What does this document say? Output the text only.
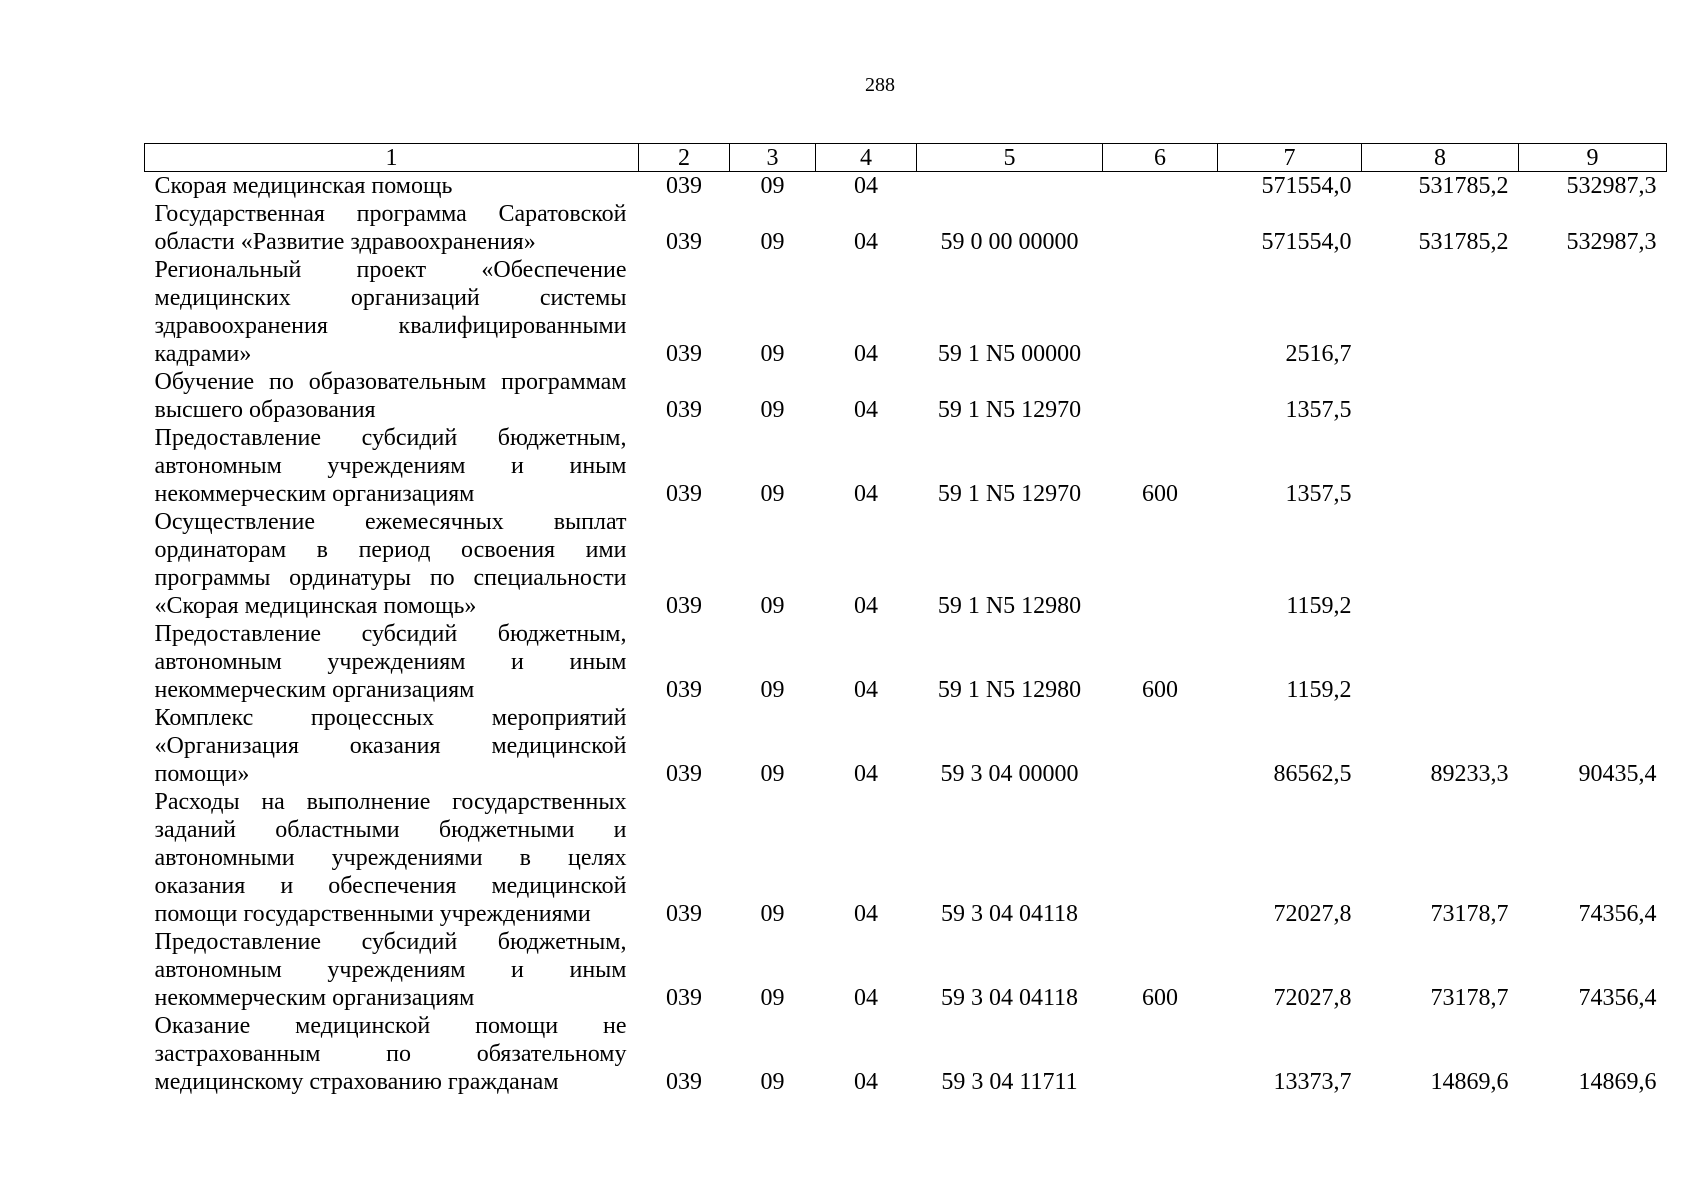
288
1	2	3	4	5	6	7	8	9
Скорая медицинская помощь	039	09	04			571554,0	531785,2	532987,3
Государственная программа Саратовской области «Развитие здравоохранения»	039	09	04	59 0 00 00000		571554,0	531785,2	532987,3
Региональный проект «Обеспечение медицинских организаций системы здравоохранения квалифицированными кадрами»	039	09	04	59 1 N5 00000		2516,7		
Обучение по образовательным программам высшего образования	039	09	04	59 1 N5 12970		1357,5		
Предоставление субсидий бюджетным, автономным учреждениям и иным некоммерческим организациям	039	09	04	59 1 N5 12970	600	1357,5		
Осуществление ежемесячных выплат ординаторам в период освоения ими программы ординатуры по специальности «Скорая медицинская помощь»	039	09	04	59 1 N5 12980		1159,2		
Предоставление субсидий бюджетным, автономным учреждениям и иным некоммерческим организациям	039	09	04	59 1 N5 12980	600	1159,2		
Комплекс процессных мероприятий «Организация оказания медицинской помощи»	039	09	04	59 3 04 00000		86562,5	89233,3	90435,4
Расходы на выполнение государственных заданий областными бюджетными и автономными учреждениями в целях оказания и обеспечения медицинской помощи государственными учреждениями	039	09	04	59 3 04 04118		72027,8	73178,7	74356,4
Предоставление субсидий бюджетным, автономным учреждениям и иным некоммерческим организациям	039	09	04	59 3 04 04118	600	72027,8	73178,7	74356,4
Оказание медицинской помощи не застрахованным по обязательному медицинскому страхованию гражданам	039	09	04	59 3 04 11711		13373,7	14869,6	14869,6
